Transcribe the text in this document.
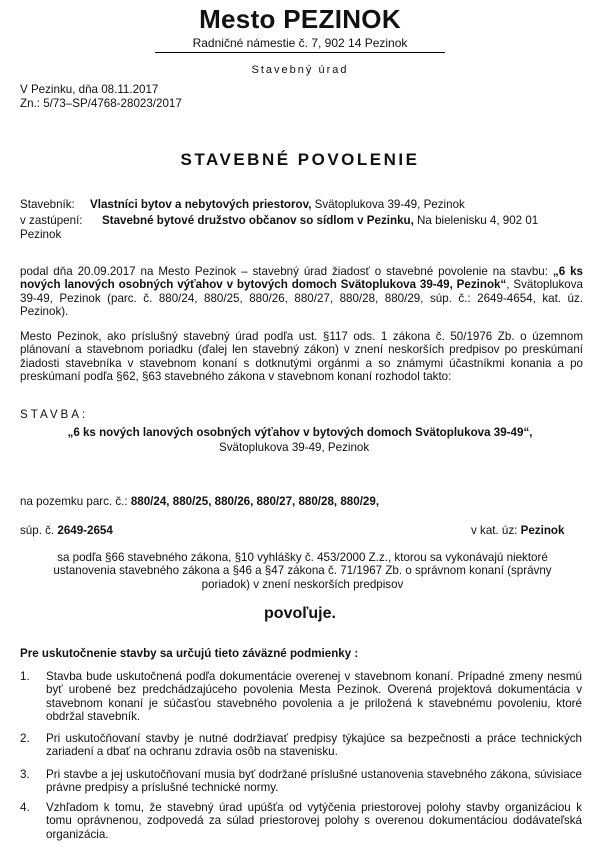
Mesto PEZINOK
Radničné námestie č. 7, 902 14 Pezinok
Stavebný úrad
V Pezinku, dňa 08.11.2017
Zn.: 5/73–SP/4768-28023/2017
STAVEBNÉ POVOLENIE
Stavebník: Vlastníci bytov a nebytových priestorov, Svätoplukova 39-49, Pezinok
v zastúpení: Stavebné bytové družstvo občanov so sídlom v Pezinku, Na bielenisku 4, 902 01
Pezinok
podal dňa 20.09.2017 na Mesto Pezinok – stavebný úrad žiadosť o stavebné povolenie na stavbu: „6 ks nových lanových osobných výťahov v bytových domoch Svätoplukova 39-49, Pezinok“, Svätoplukova 39-49, Pezinok (parc. č. 880/24, 880/25, 880/26, 880/27, 880/28, 880/29, súp. č.: 2649-4654, kat. úz. Pezinok).
Mesto Pezinok, ako príslušný stavebný úrad podľa ust. §117 ods. 1 zákona č. 50/1976 Zb. o územnom plánovaní a stavebnom poriadku (ďalej len stavebný zákon) v znení neskorších predpisov po preskúmaní žiadosti stavebníka v stavebnom konaní s dotknutými orgánmi a so známymi účastníkmi konania a po preskúmaní podľa §62, §63 stavebného zákona v stavebnom konaní rozhodol takto:
STAVBA:
„6 ks nových lanových osobných výťahov v bytových domoch Svätoplukova 39-49“,
Svätoplukova 39-49, Pezinok
na pozemku parc. č.: 880/24, 880/25, 880/26, 880/27, 880/28, 880/29,
súp. č. 2649-2654	v kat. úz: Pezinok
sa podľa §66 stavebného zákona, §10 vyhlášky č. 453/2000 Z.z., ktorou sa vykonávajú niektoré ustanovenia stavebného zákona a §46 a §47 zákona č. 71/1967 Zb. o správnom konaní (správny poriadok) v znení neskorších predpisov
povoľuje.
Pre uskutočnenie stavby sa určujú tieto záväzné podmienky :
1.	Stavba bude uskutočnená podľa dokumentácie overenej v stavebnom konaní. Prípadné zmeny nesmú byť urobené bez predchádzajúceho povolenia Mesta Pezinok. Overená projektová dokumentácia v stavebnom konaní je súčasťou stavebného povolenia a je priložená k stavebnému povoleniu, ktoré obdržal stavebník.
2.	Pri uskutočňovaní stavby je nutné dodržiavať predpisy týkajúce sa bezpečnosti a práce technických zariadení a dbať na ochranu zdravia osôb na stavenisku.
3.	Pri stavbe a jej uskutočňovaní musia byť dodržané príslušné ustanovenia stavebného zákona, súvisiace právne predpisy a príslušné technické normy.
4.	Vzhľadom k tomu, že stavebný úrad upúšťa od vytýčenia priestorovej polohy stavby organizáciou k tomu oprávnenou, zodpovedá za súlad priestorovej polohy s overenou dokumentáciou dodávateľská organizácia.
